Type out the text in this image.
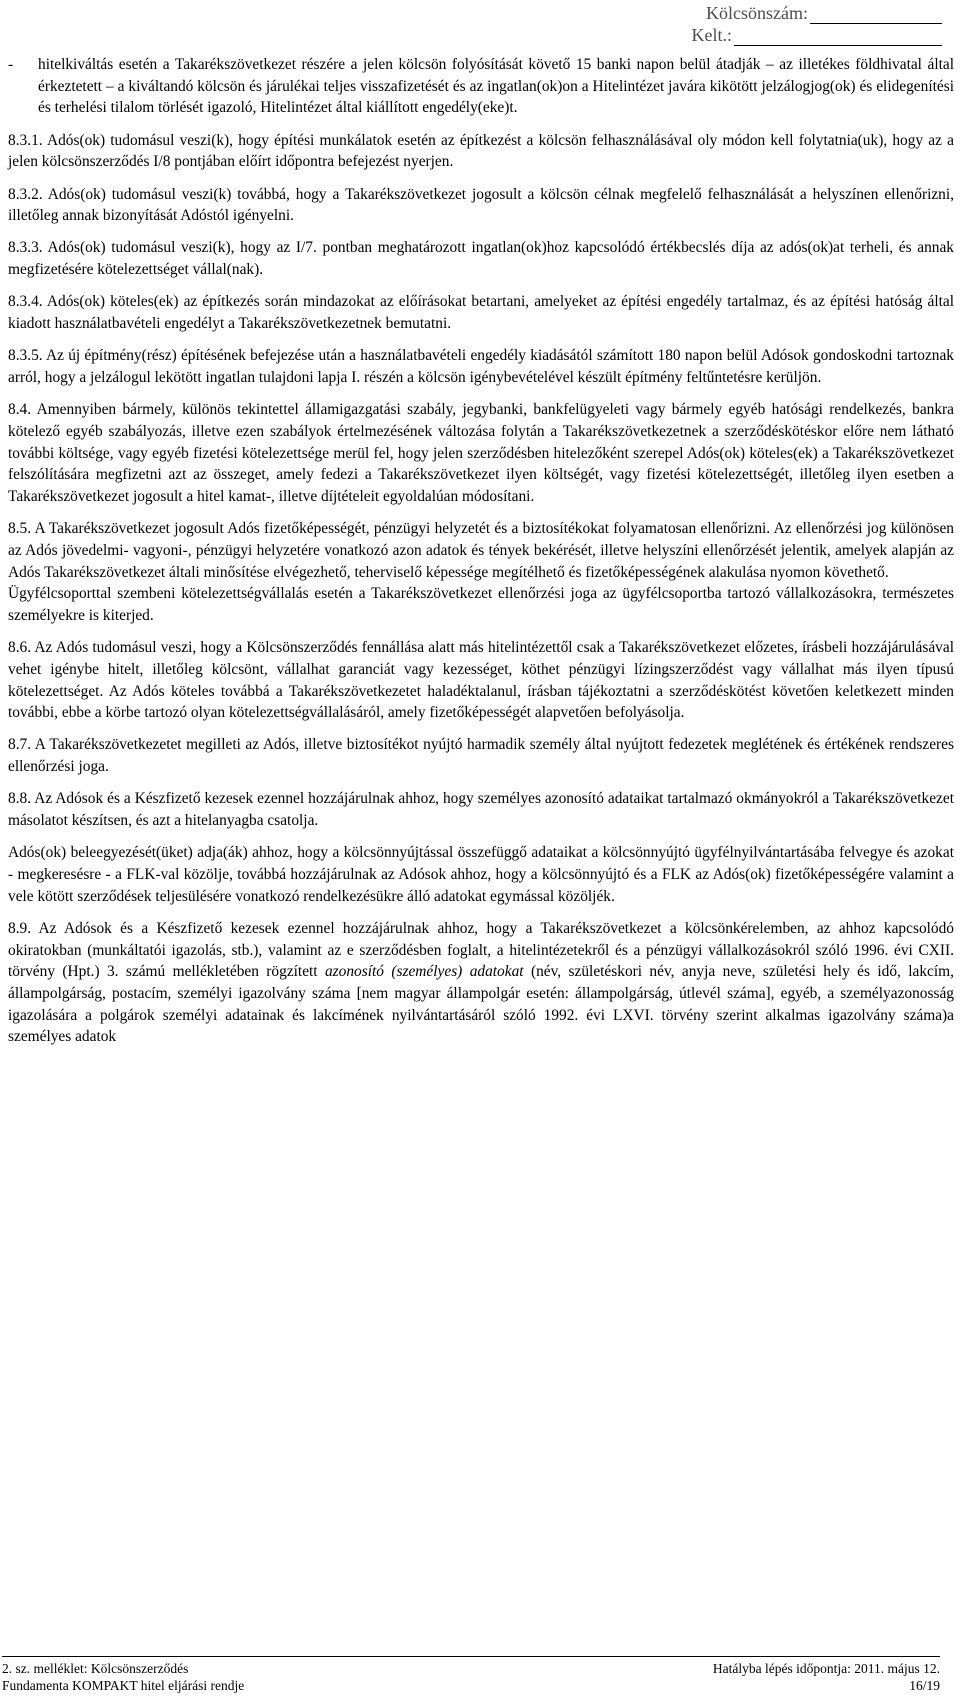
Kölcsönszám:
Kelt.:
-	hitelkiváltás esetén a Takarékszövetkezet részére a jelen kölcsön folyósítását követő 15 banki napon belül átadják – az illetékes földhivatal által érkeztetett – a kiváltandó kölcsön és járulékai teljes visszafizetését és az ingatlan(ok)on a Hitelintézet javára kikötött jelzálogjog(ok) és elidegenítési és terhelési tilalom törlését igazoló, Hitelintézet által kiállított engedély(eke)t.

8.3.1. Adós(ok) tudomásul veszi(k), hogy építési munkálatok esetén az építkezést a kölcsön felhasználásával oly módon kell folytatnia(uk), hogy az a jelen kölcsönszerződés I/8 pontjában előírt időpontra befejezést nyerjen.

8.3.2. Adós(ok) tudomásul veszi(k) továbbá, hogy a Takarékszövetkezet jogosult a kölcsön célnak megfelelő felhasználását a helyszínen ellenőrizni, illetőleg annak bizonyítását Adóstól igényelni.

8.3.3. Adós(ok) tudomásul veszi(k), hogy az I/7. pontban meghatározott ingatlan(ok)hoz kapcsolódó értékbecslés díja az adós(ok)at terheli, és annak megfizetésére kötelezettséget vállal(nak).

8.3.4. Adós(ok) köteles(ek) az építkezés során mindazokat az előírásokat betartani, amelyeket az építési engedély tartalmaz, és az építési hatóság által kiadott használatbavételi engedélyt a Takarékszövetkezetnek bemutatni.

8.3.5. Az új építmény(rész) építésének befejezése után a használatbavételi engedély kiadásától számított 180 napon belül Adósok gondoskodni tartoznak arról, hogy a jelzálogul lekötött ingatlan tulajdoni lapja I. részén a kölcsön igénybevételével készült építmény feltűntetésre kerüljön.

8.4. Amennyiben bármely, különös tekintettel államigazgatási szabály, jegybanki, bankfelügyeleti vagy bármely egyéb hatósági rendelkezés, bankra kötelező egyéb szabályozás, illetve ezen szabályok értelmezésének változása folytán a Takarékszövetkezetnek a szerződéskötéskor előre nem látható további költsége, vagy egyéb fizetési kötelezettsége merül fel, hogy jelen szerződésben hitelezőként szerepel Adós(ok) köteles(ek) a Takarékszövetkezet felszólítására megfizetni azt az összeget, amely fedezi a Takarékszövetkezet ilyen költségét, vagy fizetési kötelezettségét, illetőleg ilyen esetben a Takarékszövetkezet jogosult a hitel kamat-, illetve díjtételeit egyoldalúan módosítani.

8.5. A Takarékszövetkezet jogosult Adós fizetőképességét, pénzügyi helyzetét és a biztosítékokat folyamatosan ellenőrizni. Az ellenőrzési jog különösen az Adós jövedelmi- vagyoni-, pénzügyi helyzetére vonatkozó azon adatok és tények bekérését, illetve helyszíni ellenőrzését jelentik, amelyek alapján az Adós Takarékszövetkezet általi minősítése elvégezhető, teherviselő képessége megítélhető és fizetőképességének alakulása nyomon követhető.

Ügyfélcsoporttal szembeni kötelezettségvállalás esetén a Takarékszövetkezet ellenőrzési joga az ügyfélcsoportba tartozó vállalkozásokra, természetes személyekre is kiterjed.

8.6. Az Adós tudomásul veszi, hogy a Kölcsönszerződés fennállása alatt más hitelintézettől csak a Takarékszövetkezet előzetes, írásbeli hozzájárulásával vehet igénybe hitelt, illetőleg kölcsönt, vállalhat garanciát vagy kezességet, köthet pénzügyi lízingszerződést vagy vállalhat más ilyen típusú kötelezettséget. Az Adós köteles továbbá a Takarékszövetkezetet haladéktalanul, írásban tájékoztatni a szerződéskötést követően keletkezett minden további, ebbe a körbe tartozó olyan kötelezettségvállalásáról, amely fizetőképességét alapvetően befolyásolja.

8.7. A Takarékszövetkezetet megilleti az Adós, illetve biztosítékot nyújtó harmadik személy által nyújtott fedezetek meglétének és értékének rendszeres ellenőrzési joga.

8.8. Az Adósok és a Készfizető kezesek ezennel hozzájárulnak ahhoz, hogy személyes azonosító adataikat tartalmazó okmányokról a Takarékszövetkezet másolatot készítsen, és azt a hitelanyagba csatolja.

Adós(ok) beleegyezését(üket) adja(ák) ahhoz, hogy a kölcsönnyújtással összefüggő adataikat a kölcsönnyújtó ügyfélnyilvántartásába felvegye és azokat - megkeresésre - a FLK-val közölje, továbbá hozzájárulnak az Adósok ahhoz, hogy a kölcsönnyújtó és a FLK az Adós(ok) fizetőképességére valamint a vele kötött szerződések teljesülésére vonatkozó rendelkezésükre álló adatokat egymással közöljék.

8.9. Az Adósok és a Készfizető kezesek ezennel hozzájárulnak ahhoz, hogy a Takarékszövetkezet a kölcsönkérelemben, az ahhoz kapcsolódó okiratokban (munkáltatói igazolás, stb.), valamint az e szerződésben foglalt, a hitelintézetekről és a pénzügyi vállalkozásokról szóló 1996. évi CXII. törvény (Hpt.) 3. számú mellékletében rögzített azonosító (személyes) adatokat (név, születéskori név, anyja neve, születési hely és idő, lakcím, állampolgárság, postacím, személyi igazolvány száma [nem magyar állampolgár esetén: állampolgárság, útlevél száma], egyéb, a személyazonosság igazolására a polgárok személyi adatainak és lakcímének nyilvántartásáról szóló 1992. évi LXVI. törvény szerint alkalmas igazolvány száma)a személyes adatok

2. sz. melléklet: Kölcsönszerződés	Hatályba lépés időpontja: 2011. május 12.
Fundamenta KOMPAKT hitel eljárási rendje	16/19
